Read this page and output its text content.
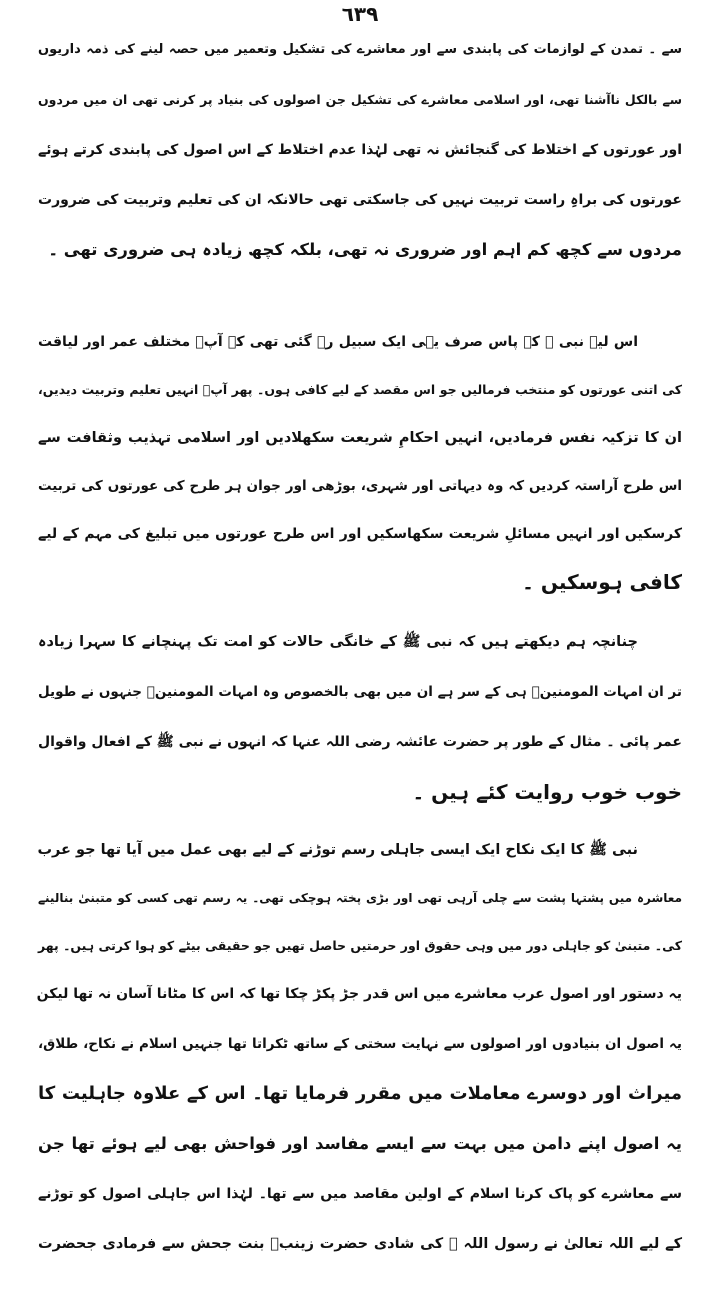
٦٣٩
سے ۔ تمدن کے لوازمات کی پابندی سے اور معاشرے کی تشکیل وتعمیر میں حصہ لینے کی ذمہ داریوں
سے بالکل ناآشنا تھی، اور اسلامی معاشرے کی تشکیل جن اصولوں کی بنیاد پر کرنی تھی ان میں مردوں
اور عورتوں کے اختلاط کی گنجائش نہ تھی لہٰذا عدم اختلاط کے اس اصول کی پابندی کرتے ہوئے
عورتوں کی براہِ راست تربیت نہیں کی جاسکتی تھی حالانکہ ان کی تعلیم وتربیت کی ضرورت
مردوں سے کچھ کم اہم اور ضروری نہ تھی، بلکہ کچھ زیادہ ہی ضروری تھی ۔
اس لیے نبی ﷺ کے پاس صرف یہی ایک سبیل رہ گئی تھی کہ آپؐ مختلف عمر اور لیاقت
کی اتنی عورتوں کو منتخب فرمالیں جو اس مقصد کے لیے کافی ہوں۔ پھر آپؐ انہیں تعلیم وتربیت دیدیں،
ان کا تزکیہ نفس فرمادیں، انہیں احکامِ شریعت سکھلادیں اور اسلامی تہذیب وثقافت سے
اس طرح آراستہ کردیں کہ وہ دیہاتی اور شہری، بوڑھی اور جوان ہر طرح کی عورتوں کی تربیت
کرسکیں اور انہیں مسائلِ شریعت سکھاسکیں اور اس طرح عورتوں میں تبلیغ کی مہم کے لیے
کافی ہوسکیں ۔
چنانچہ ہم دیکھتے ہیں کہ نبی ﷺ کے خانگی حالات کو امت تک پہنچانے کا سہرا زیادہ
تر ان امہات المومنینؓ ہی کے سر ہے ان میں بھی بالخصوص وہ امہات المومنینؓ جنہوں نے طویل
عمر پائی ۔ مثال کے طور پر حضرت عائشہ رضی اللہ عنہا کہ انہوں نے نبی ﷺ کے افعال واقوال
خوب خوب روایت کئے ہیں ۔
نبی ﷺ کا ایک نکاح ایک ایسی جاہلی رسم توڑنے کے لیے بھی عمل میں آیا تھا جو عرب
معاشرہ میں پشتہا پشت سے چلی آرہی تھی اور بڑی پختہ ہوچکی تھی۔ یہ رسم تھی کسی کو متبنیٰ بنالینے
کی۔ متبنیٰ کو جاہلی دور میں وہی حقوق اور حرمتیں حاصل تھیں جو حقیقی بیٹے کو ہوا کرتی ہیں۔ پھر
یہ دستور اور اصول عرب معاشرے میں اس قدر جڑ پکڑ چکا تھا کہ اس کا مٹانا آسان نہ تھا لیکن
یہ اصول ان بنیادوں اور اصولوں سے نہایت سختی کے ساتھ ٹکراتا تھا جنہیں اسلام نے نکاح، طلاق،
میراث اور دوسرے معاملات میں مقرر فرمایا تھا۔ اس کے علاوہ جاہلیت کا
یہ اصول اپنے دامن میں بہت سے ایسے مفاسد اور فواحش بھی لیے ہوئے تھا جن
سے معاشرے کو پاک کرنا اسلام کے اولین مقاصد میں سے تھا۔ لہٰذا اس جاہلی اصول کو توڑنے
کے لیے اللہ تعالیٰ نے رسول اللہ ﷺ کی شادی حضرت زینبؓ بنت جحش سے فرمادی جحضرت
